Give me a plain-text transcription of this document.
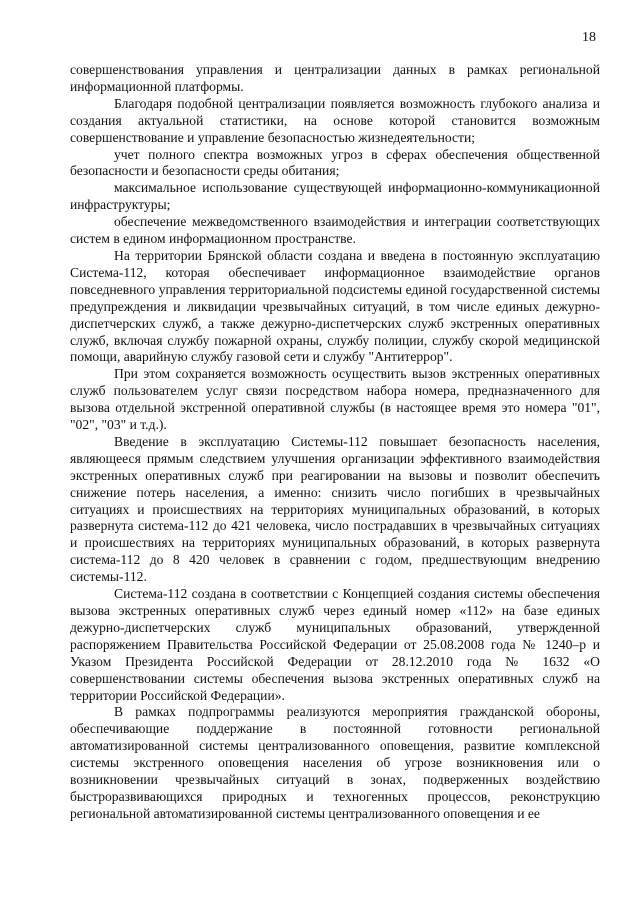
18

совершенствования управления и централизации данных в рамках региональной информационной платформы.

Благодаря подобной централизации появляется возможность глубокого анализа и создания актуальной статистики, на основе которой становится возможным совершенствование и управление безопасностью жизнедеятельности;

учет полного спектра возможных угроз в сферах обеспечения общественной безопасности и безопасности среды обитания;

максимальное использование существующей информационно-коммуникационной инфраструктуры;

обеспечение межведомственного взаимодействия и интеграции соответствующих систем в едином информационном пространстве.

На территории Брянской области создана и введена в постоянную эксплуатацию Система-112, которая обеспечивает информационное взаимодействие органов повседневного управления территориальной подсистемы единой государственной системы предупреждения и ликвидации чрезвычайных ситуаций, в том числе единых дежурно-диспетчерских служб, а также дежурно-диспетчерских служб экстренных оперативных служб, включая службу пожарной охраны, службу полиции, службу скорой медицинской помощи, аварийную службу газовой сети и службу "Антитеррор".

При этом сохраняется возможность осуществить вызов экстренных оперативных служб пользователем услуг связи посредством набора номера, предназначенного для вызова отдельной экстренной оперативной службы (в настоящее время это номера "01", "02", "03" и т.д.).

Введение в эксплуатацию Системы-112 повышает безопасность населения, являющееся прямым следствием улучшения организации эффективного взаимодействия экстренных оперативных служб при реагировании на вызовы и позволит обеспечить снижение потерь населения, а именно: снизить число погибших в чрезвычайных ситуациях и происшествиях на территориях муниципальных образований, в которых развернута система-112 до 421 человека, число пострадавших в чрезвычайных ситуациях и происшествиях на территориях муниципальных образований, в которых развернута система-112 до 8 420 человек в сравнении с годом, предшествующим внедрению системы-112.

Система-112 создана в соответствии с Концепцией создания системы обеспечения вызова экстренных оперативных служб через единый номер «112» на базе единых дежурно-диспетчерских служб муниципальных образований, утвержденной распоряжением Правительства Российской Федерации от 25.08.2008 года № 1240–р и Указом Президента Российской Федерации от 28.12.2010 года № 1632 «О совершенствовании системы обеспечения вызова экстренных оперативных служб на территории Российской Федерации».

В рамках подпрограммы реализуются мероприятия гражданской обороны, обеспечивающие поддержание в постоянной готовности региональной автоматизированной системы централизованного оповещения, развитие комплексной системы экстренного оповещения населения об угрозе возникновения или о возникновении чрезвычайных ситуаций в зонах, подверженных воздействию быстроразвивающихся природных и техногенных процессов, реконструкцию региональной автоматизированной системы централизованного оповещения и ее
